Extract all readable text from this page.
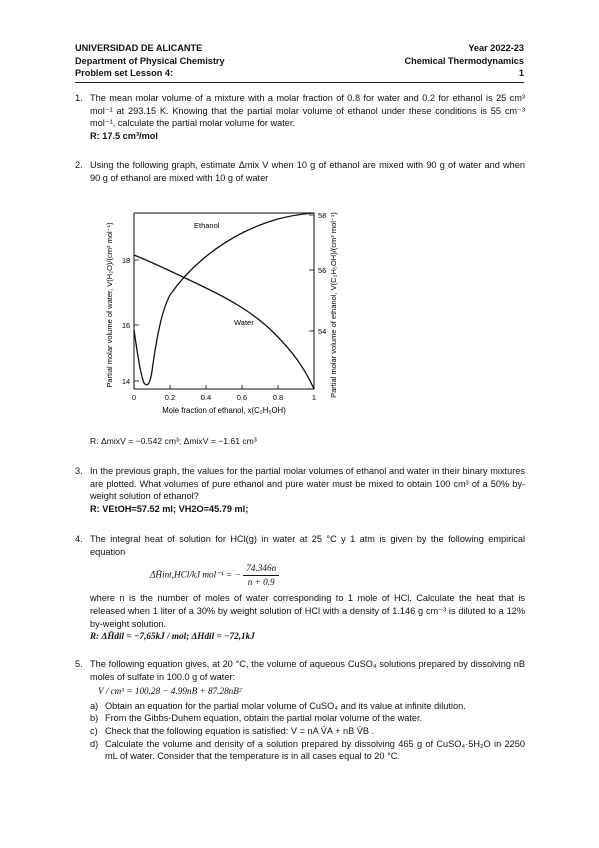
UNIVERSIDAD DE ALICANTE	Year 2022-23
Department of Physical Chemistry	Chemical Thermodynamics
Problem set Lesson 4:	1
1. The mean molar volume of a mixture with a molar fraction of 0.8 for water and 0.2 for ethanol is 25 cm³ mol⁻¹ at 293.15 K. Knowing that the partial molar volume of ethanol under these conditions is 55 cm⁻³ mol⁻¹, calculate the partial molar volume for water.
R: 17.5 cm³/mol
2. Using the following graph, estimate Δmix V when 10 g of ethanol are mixed with 90 g of water and when 90 g of ethanol are mixed with 10 g of water
Partial molar volume of water, V(H₂O)/(cm³ mol⁻¹)	Partial molar volume of ethanol, V(C₂H₅OH)/(cm³ mol⁻¹)
14
16
18
54
56
58
0	0.2	0.4	0.6	0.8	1
Mole fraction of ethanol, x(C₂H₅OH)
Ethanol
Water
R: ΔmixV = −0.542 cm³; ΔmixV = −1.61 cm³
3. In the previous graph, the values for the partial molar volumes of ethanol and water in their binary mixtures are plotted. What volumes of pure ethanol and pure water must be mixed to obtain 100 cm³ of a 50% by-weight solution of ethanol?
R: VEtOH=57.52 ml; VH2O=45.79 ml;
4. The integral heat of solution for HCl(g) in water at 25 °C y 1 atm is given by the following empirical equation
ΔH̄int,HCl/kJ mol⁻¹ = − $\frac{74.346n}{n + 0.9}$
where n is the number of moles of water corresponding to 1 mole of HCl. Calculate the heat that is released when 1 liter of a 30% by weight solution of HCl with a density of 1.146 g cm⁻³ is diluted to a 12% by-weight solution.
R: ΔH̄dil = −7,65kJ / mol; ΔHdil = −72,1kJ
5. The following equation gives, at 20 °C, the volume of aqueous CuSO₄ solutions prepared by dissolving nB moles of sulfate in 100.0 g of water:
V / cm³ = 100.28 − 4.99nB + 87.28nB²
a) Obtain an equation for the partial molar volume of CuSO₄ and its value at infinite dilution.
b) From the Gibbs-Duhem equation, obtain the partial molar volume of the water.
c) Check that the following equation is satisfied: V = nA V̄A + nB V̄B .
d) Calculate the volume and density of a solution prepared by dissolving 465 g of CuSO₄·5H₂O in 2250 mL of water. Consider that the temperature is in all cases equal to 20 °C.
